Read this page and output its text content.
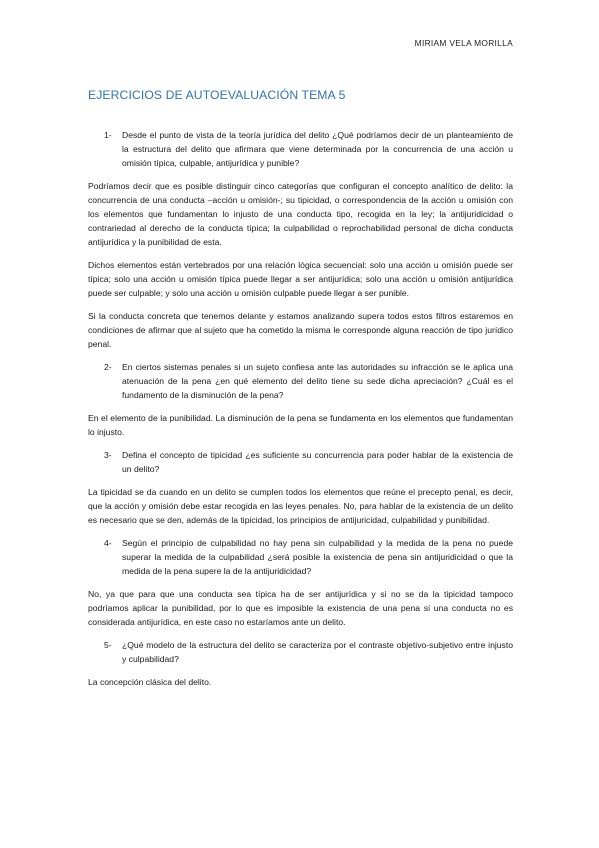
MIRIAM VELA MORILLA
EJERCICIOS DE AUTOEVALUACIÓN TEMA 5
1-	Desde el punto de vista de la teoría jurídica del delito ¿Qué podríamos decir de un planteamiento de la estructura del delito que afirmara que viene determinada por la concurrencia de una acción u omisión típica, culpable, antijurídica y punible?

Podríamos decir que es posible distinguir cinco categorías que configuran el concepto analítico de delito: la concurrencia de una conducta –acción u omisión-; su tipicidad, o correspondencia de la acción u omisión con los elementos que fundamentan lo injusto de una conducta tipo, recogida en la ley; la antijuridicidad o contrariedad al derecho de la conducta típica; la culpabilidad o reprochabilidad personal de dicha conducta antijurídica y la punibilidad de esta.

Dichos elementos están vertebrados por una relación lógica secuencial: solo una acción u omisión puede ser típica; solo una acción u omisión típica puede llegar a ser antijurídica; solo una acción u omisión antijurídica puede ser culpable; y solo una acción u omisión culpable puede llegar a ser punible.

Si la conducta concreta que tenemos delante y estamos analizando supera todos estos filtros estaremos en condiciones de afirmar que al sujeto que ha cometido la misma le corresponde alguna reacción de tipo jurídico penal.

2-	En ciertos sistemas penales si un sujeto confiesa ante las autoridades su infracción se le aplica una atenuación de la pena ¿en qué elemento del delito tiene su sede dicha apreciación? ¿Cuál es el fundamento de la disminución de la pena?

En el elemento de la punibilidad. La disminución de la pena se fundamenta en los elementos que fundamentan lo injusto.

3-	Defina el concepto de tipicidad ¿es suficiente su concurrencia para poder hablar de la existencia de un delito?

La tipicidad se da cuando en un delito se cumplen todos los elementos que reúne el precepto penal, es decir, que la acción y omisión debe estar recogida en las leyes penales. No, para hablar de la existencia de un delito es necesario que se den, además de la tipicidad, los principios de antijuricidad, culpabilidad y punibilidad.

4-	Según el principio de culpabilidad no hay pena sin culpabilidad y la medida de la pena no puede superar la medida de la culpabilidad ¿será posible la existencia de pena sin antijuridicidad o que la medida de la pena supere la de la antijuridicidad?

No, ya que para que una conducta sea típica ha de ser antijurídica y si no se da la tipicidad tampoco podríamos aplicar la punibilidad, por lo que es imposible la existencia de una pena si una conducta no es considerada antijurídica, en este caso no estaríamos ante un delito.

5-	¿Qué modelo de la estructura del delito se caracteriza por el contraste objetivo-subjetivo entre injusto y culpabilidad?

La concepción clásica del delito.
